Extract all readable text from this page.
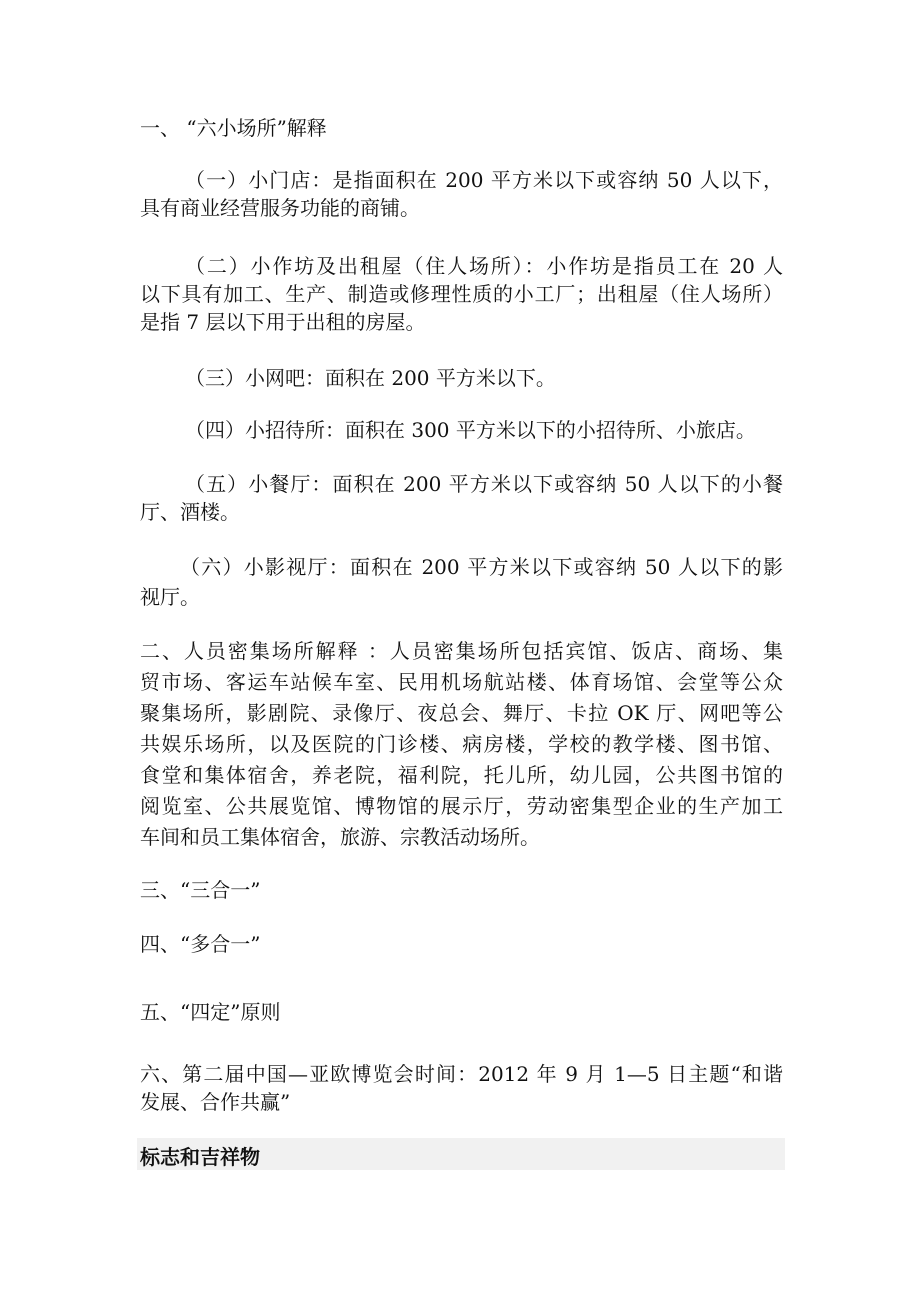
一、 “六小场所”解释
（一）小门店：是指面积在 200 平方米以下或容纳 50 人以下，
具有商业经营服务功能的商铺。
（二）小作坊及出租屋（住人场所）：小作坊是指员工在 20 人
以下具有加工、生产、制造或修理性质的小工厂；出租屋（住人场所）
是指 7 层以下用于出租的房屋。
（三）小网吧：面积在 200 平方米以下。
（四）小招待所：面积在 300 平方米以下的小招待所、小旅店。
（五）小餐厅：面积在 200 平方米以下或容纳 50 人以下的小餐
厅、酒楼。
（六）小影视厅：面积在 200 平方米以下或容纳 50 人以下的影
视厅。
二、人员密集场所解释 ：人员密集场所包括宾馆、饭店、商场、集
贸市场、客运车站候车室、民用机场航站楼、体育场馆、会堂等公众
聚集场所，影剧院、录像厅、夜总会、舞厅、卡拉 OK 厅、网吧等公
共娱乐场所，以及医院的门诊楼、病房楼，学校的教学楼、图书馆、
食堂和集体宿舍，养老院，福利院，托儿所，幼儿园，公共图书馆的
阅览室、公共展览馆、博物馆的展示厅，劳动密集型企业的生产加工
车间和员工集体宿舍，旅游、宗教活动场所。
三、“三合一”
四、“多合一”
五、“四定”原则
六、第二届中国—亚欧博览会时间：2012 年 9 月 1—5 日主题“和谐
发展、合作共赢”
标志和吉祥物
